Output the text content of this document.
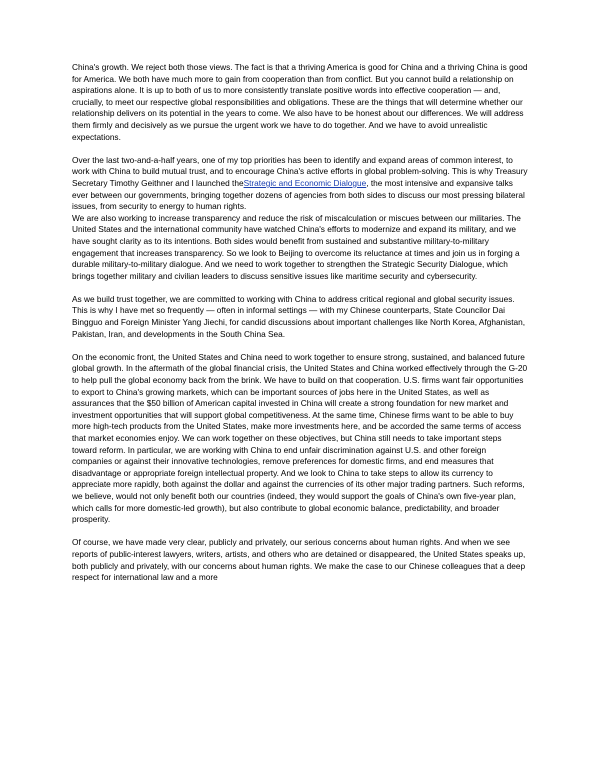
China's growth. We reject both those views. The fact is that a thriving America is good for China and a thriving China is good for America. We both have much more to gain from cooperation than from conflict. But you cannot build a relationship on aspirations alone. It is up to both of us to more consistently translate positive words into effective cooperation — and, crucially, to meet our respective global responsibilities and obligations. These are the things that will determine whether our relationship delivers on its potential in the years to come. We also have to be honest about our differences. We will address them firmly and decisively as we pursue the urgent work we have to do together. And we have to avoid unrealistic expectations.

Over the last two-and-a-half years, one of my top priorities has been to identify and expand areas of common interest, to work with China to build mutual trust, and to encourage China's active efforts in global problem-solving. This is why Treasury Secretary Timothy Geithner and I launched theStrategic and Economic Dialogue, the most intensive and expansive talks ever between our governments, bringing together dozens of agencies from both sides to discuss our most pressing bilateral issues, from security to energy to human rights.

We are also working to increase transparency and reduce the risk of miscalculation or miscues between our militaries. The United States and the international community have watched China's efforts to modernize and expand its military, and we have sought clarity as to its intentions. Both sides would benefit from sustained and substantive military-to-military engagement that increases transparency. So we look to Beijing to overcome its reluctance at times and join us in forging a durable military-to-military dialogue. And we need to work together to strengthen the Strategic Security Dialogue, which brings together military and civilian leaders to discuss sensitive issues like maritime security and cybersecurity.

As we build trust together, we are committed to working with China to address critical regional and global security issues. This is why I have met so frequently — often in informal settings — with my Chinese counterparts, State Councilor Dai Bingguo and Foreign Minister Yang Jiechi, for candid discussions about important challenges like North Korea, Afghanistan, Pakistan, Iran, and developments in the South China Sea.

On the economic front, the United States and China need to work together to ensure strong, sustained, and balanced future global growth. In the aftermath of the global financial crisis, the United States and China worked effectively through the G-20 to help pull the global economy back from the brink. We have to build on that cooperation. U.S. firms want fair opportunities to export to China's growing markets, which can be important sources of jobs here in the United States, as well as assurances that the $50 billion of American capital invested in China will create a strong foundation for new market and investment opportunities that will support global competitiveness. At the same time, Chinese firms want to be able to buy more high-tech products from the United States, make more investments here, and be accorded the same terms of access that market economies enjoy. We can work together on these objectives, but China still needs to take important steps toward reform. In particular, we are working with China to end unfair discrimination against U.S. and other foreign companies or against their innovative technologies, remove preferences for domestic firms, and end measures that disadvantage or appropriate foreign intellectual property. And we look to China to take steps to allow its currency to appreciate more rapidly, both against the dollar and against the currencies of its other major trading partners. Such reforms, we believe, would not only benefit both our countries (indeed, they would support the goals of China's own five-year plan, which calls for more domestic-led growth), but also contribute to global economic balance, predictability, and broader prosperity.

Of course, we have made very clear, publicly and privately, our serious concerns about human rights. And when we see reports of public-interest lawyers, writers, artists, and others who are detained or disappeared, the United States speaks up, both publicly and privately, with our concerns about human rights. We make the case to our Chinese colleagues that a deep respect for international law and a more
